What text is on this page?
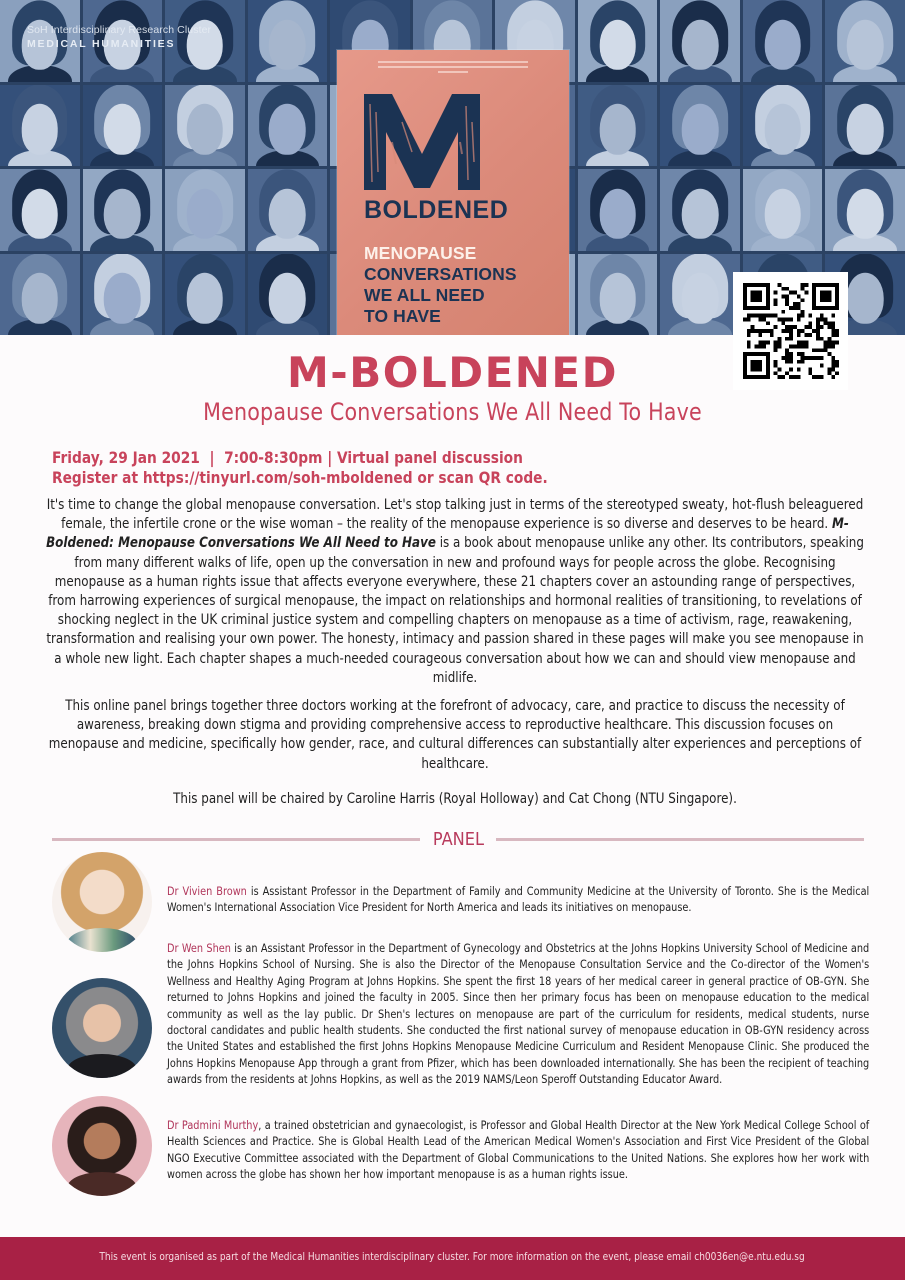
SoH Interdisciplinary Research Cluster
MEDICAL HUMANITIES
BOLDENED
MENOPAUSE
CONVERSATIONS
WE ALL NEED
TO HAVE
M-BOLDENED
Menopause Conversations We All Need To Have
Friday, 29 Jan 2021  |  7:00-8:30pm | Virtual panel discussion
Register at https://tinyurl.com/soh-mboldened or scan QR code.

It's time to change the global menopause conversation. Let's stop talking just in terms of the stereotyped sweaty, hot-flush beleaguered female, the infertile crone or the wise woman – the reality of the menopause experience is so diverse and deserves to be heard. M-Boldened: Menopause Conversations We All Need to Have is a book about menopause unlike any other. Its contributors, speaking from many different walks of life, open up the conversation in new and profound ways for people across the globe. Recognising menopause as a human rights issue that affects everyone everywhere, these 21 chapters cover an astounding range of perspectives, from harrowing experiences of surgical menopause, the impact on relationships and hormonal realities of transitioning, to revelations of shocking neglect in the UK criminal justice system and compelling chapters on menopause as a time of activism, rage, reawakening, transformation and realising your own power. The honesty, intimacy and passion shared in these pages will make you see menopause in a whole new light. Each chapter shapes a much-needed courageous conversation about how we can and should view menopause and midlife.

This online panel brings together three doctors working at the forefront of advocacy, care, and practice to discuss the necessity of awareness, breaking down stigma and providing comprehensive access to reproductive healthcare. This discussion focuses on menopause and medicine, specifically how gender, race, and cultural differences can substantially alter experiences and perceptions of healthcare.

This panel will be chaired by Caroline Harris (Royal Holloway) and Cat Chong (NTU Singapore).

PANEL

Dr Vivien Brown is Assistant Professor in the Department of Family and Community Medicine at the University of Toronto. She is the Medical Women's International Association Vice President for North America and leads its initiatives on menopause.

Dr Wen Shen is an Assistant Professor in the Department of Gynecology and Obstetrics at the Johns Hopkins University School of Medicine and the Johns Hopkins School of Nursing. She is also the Director of the Menopause Consultation Service and the Co-director of the Women's Wellness and Healthy Aging Program at Johns Hopkins. She spent the first 18 years of her medical career in general practice of OB-GYN. She returned to Johns Hopkins and joined the faculty in 2005. Since then her primary focus has been on menopause education to the medical community as well as the lay public. Dr Shen's lectures on menopause are part of the curriculum for residents, medical students, nurse doctoral candidates and public health students. She conducted the first national survey of menopause education in OB-GYN residency across the United States and established the first Johns Hopkins Menopause Medicine Curriculum and Resident Menopause Clinic. She produced the Johns Hopkins Menopause App through a grant from Pfizer, which has been downloaded internationally. She has been the recipient of teaching awards from the residents at Johns Hopkins, as well as the 2019 NAMS/Leon Speroff Outstanding Educator Award.

Dr Padmini Murthy, a trained obstetrician and gynaecologist, is Professor and Global Health Director at the New York Medical College School of Health Sciences and Practice. She is Global Health Lead of the American Medical Women's Association and First Vice President of the Global NGO Executive Committee associated with the Department of Global Communications to the United Nations. She explores how her work with women across the globe has shown her how important menopause is as a human rights issue.

This event is organised as part of the Medical Humanities interdisciplinary cluster. For more information on the event, please email ch0036en@e.ntu.edu.sg
